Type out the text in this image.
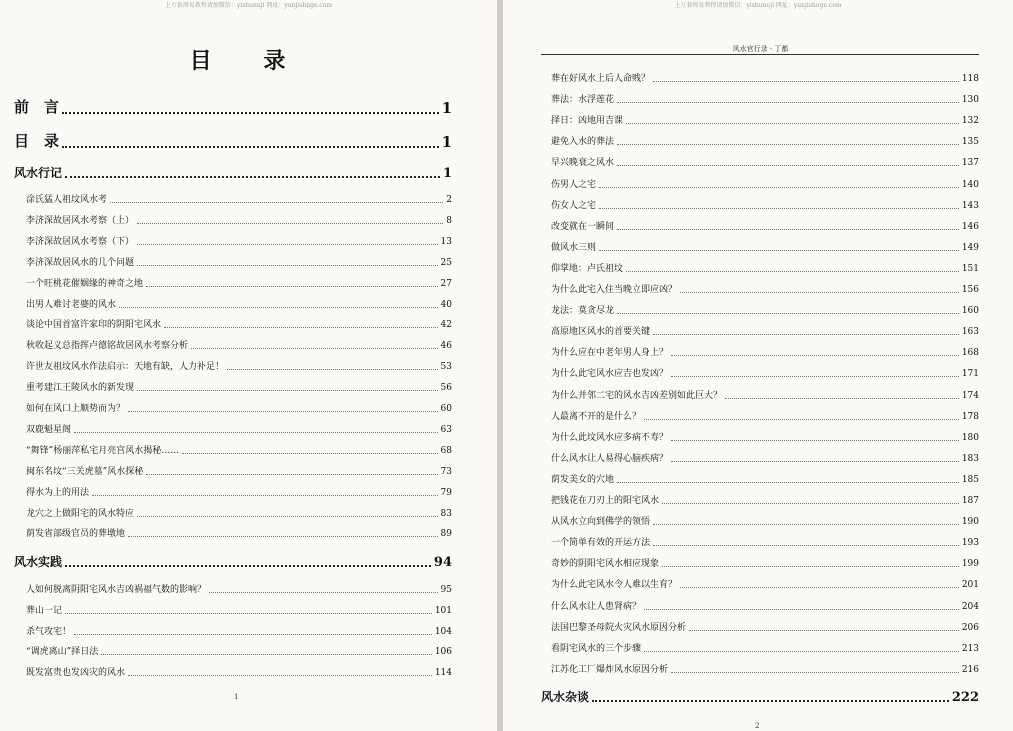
上万套周易教程请加微信：yishunuji 网址：yunjishuge.com
目 录
前　言	1
目　录	1
风水行记	1
涂氏猛人祖坟风水考	2
李济深故居风水考察（上）	8
李济深故居风水考察（下）	13
李济深故居风水的几个问题	25
一个旺桃花催姻缘的神奇之地	27
出男人难讨老婆的风水	40
谈论中国首富许家印的阴阳宅风水	42
秋收起义总指挥卢德铭故居风水考察分析	46
许世友祖坟风水作法启示：天地有缺，人力补足！	53
重考建江王陵风水的新发现	56
如何在风口上顺势而为？	60
双鹿魁星阁	63
“舞锋”杨丽萍私宅月亮宫风水揭秘……	68
闽东名坟“三关虎墓”风水探秘	73
得水为上的用法	79
龙穴之上做阳宅的风水特应	83
荫发省部级官员的葬墩地	89
风水实践	94
人如何脱离阴阳宅风水吉凶祸福气数的影响？	95
葬山一记	101
杀气攻宅！	104
“调虎离山”择日法	106
既发富贵也发凶灾的风水	114
1
上万套周易教程请加微信：yishunuji 网址：yunjishuge.com
风水官行录 · 丁都
葬在好风水上后人命贱？	118
葬法：水浮莲花	130
择日：凶地用吉课	132
避免入水的葬法	135
早兴晚衰之风水	137
伤男人之宅	140
伤女人之宅	143
改变就在一瞬间	146
做风水三则	149
仰掌地：卢氏祖坟	151
为什么此宅入住当晚立即应凶？	156
龙法：莫贪尽龙	160
高原地区风水的首要关键	163
为什么应在中老年男人身上？	168
为什么此宅风水应吉也发凶？	171
为什么并邻二宅的风水吉凶差别如此巨大？	174
人最离不开的是什么？	178
为什么此坟风水应多病不寿？	180
什么风水让人易得心脑疾病？	183
荫发美女的穴地	185
把钱花在刀刃上的阳宅风水	187
从风水立向到佛学的领悟	190
一个简单有效的开运方法	193
奇妙的阴阳宅风水相应现象	199
为什么此宅风水令人难以生育？	201
什么风水让人患肾病？	204
法国巴黎圣母院火灾风水原因分析	206
看阴宅风水的三个步骤	213
江苏化工厂爆炸风水原因分析	216
风水杂谈	222
2
